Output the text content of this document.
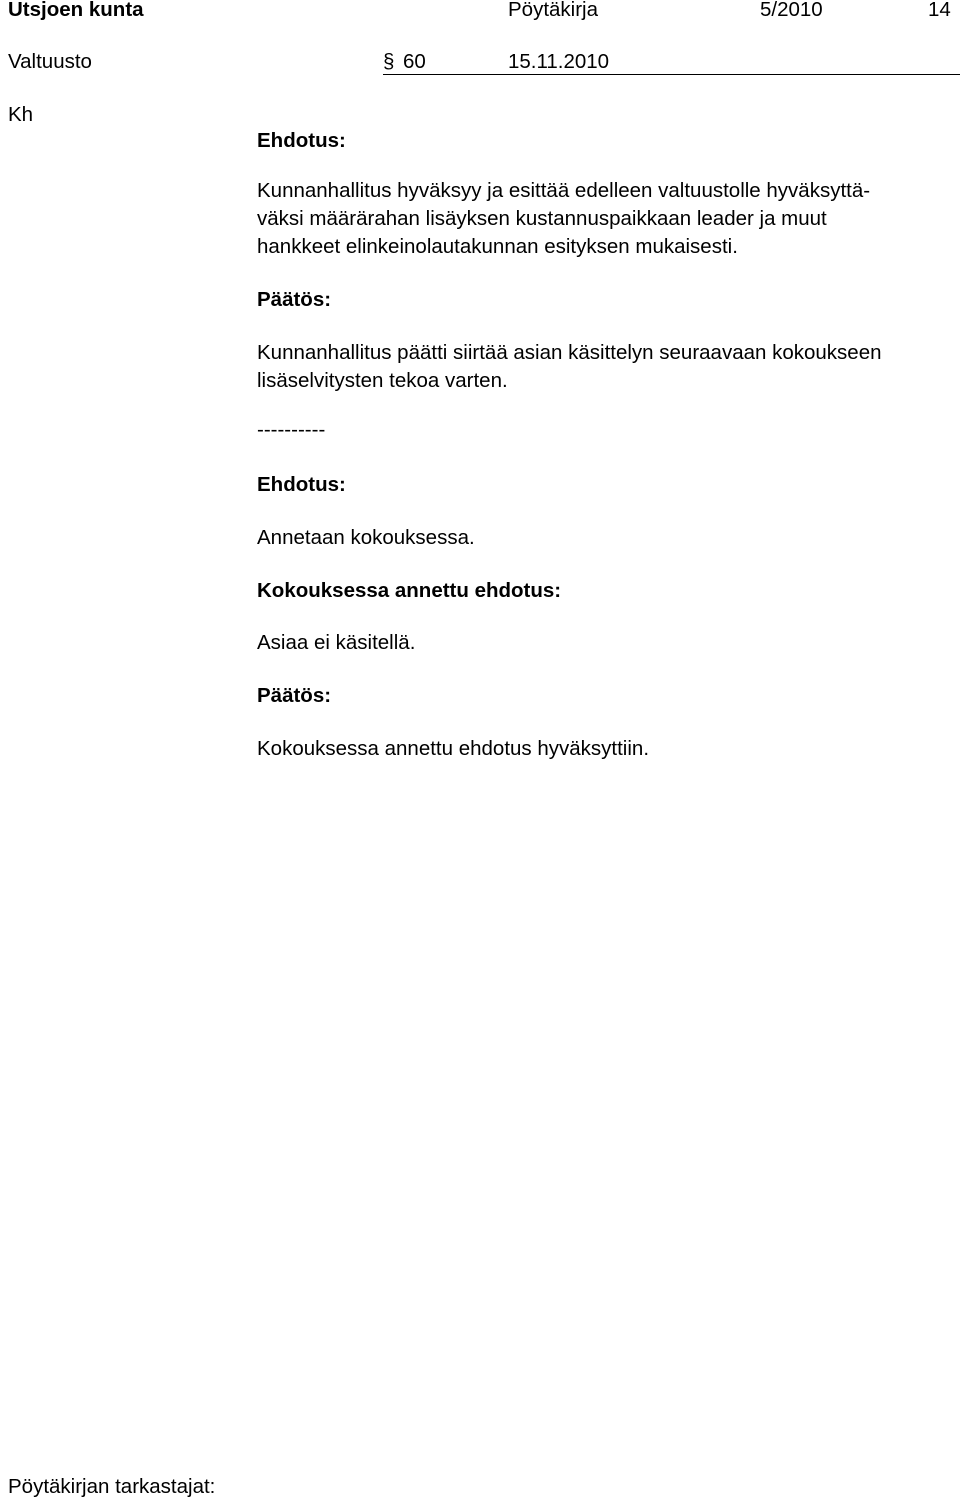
Utsjoen kunta	Pöytäkirja	5/2010	14
Valtuusto	§ 60	15.11.2010
Kh
Ehdotus:
Kunnanhallitus hyväksyy ja esittää edelleen valtuustolle hyväksyttä-
väksi määrärahan lisäyksen kustannuspaikkaan leader ja muut
hankkeet elinkeinolautakunnan esityksen mukaisesti.
Päätös:
Kunnanhallitus päätti siirtää asian käsittelyn seuraavaan kokoukseen
lisäselvitysten tekoa varten.
----------
Ehdotus:
Annetaan kokouksessa.
Kokouksessa annettu ehdotus:
Asiaa ei käsitellä.
Päätös:
Kokouksessa annettu ehdotus hyväksyttiin.
Pöytäkirjan tarkastajat:
